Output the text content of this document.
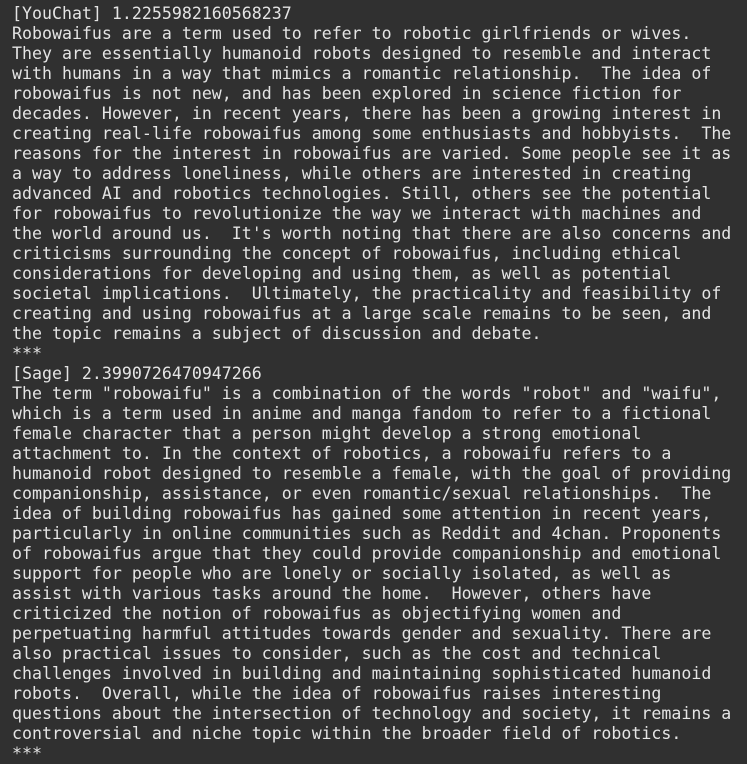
[YouChat] 1.2255982160568237
Robowaifus are a term used to refer to robotic girlfriends or wives.
They are essentially humanoid robots designed to resemble and interact
with humans in a way that mimics a romantic relationship.  The idea of
robowaifus is not new, and has been explored in science fiction for
decades. However, in recent years, there has been a growing interest in
creating real-life robowaifus among some enthusiasts and hobbyists.  The
reasons for the interest in robowaifus are varied. Some people see it as
a way to address loneliness, while others are interested in creating
advanced AI and robotics technologies. Still, others see the potential
for robowaifus to revolutionize the way we interact with machines and
the world around us.  It's worth noting that there are also concerns and
criticisms surrounding the concept of robowaifus, including ethical
considerations for developing and using them, as well as potential
societal implications.  Ultimately, the practicality and feasibility of
creating and using robowaifus at a large scale remains to be seen, and
the topic remains a subject of discussion and debate.
***
[Sage] 2.3990726470947266
The term "robowaifu" is a combination of the words "robot" and "waifu",
which is a term used in anime and manga fandom to refer to a fictional
female character that a person might develop a strong emotional
attachment to. In the context of robotics, a robowaifu refers to a
humanoid robot designed to resemble a female, with the goal of providing
companionship, assistance, or even romantic/sexual relationships.  The
idea of building robowaifus has gained some attention in recent years,
particularly in online communities such as Reddit and 4chan. Proponents
of robowaifus argue that they could provide companionship and emotional
support for people who are lonely or socially isolated, as well as
assist with various tasks around the home.  However, others have
criticized the notion of robowaifus as objectifying women and
perpetuating harmful attitudes towards gender and sexuality. There are
also practical issues to consider, such as the cost and technical
challenges involved in building and maintaining sophisticated humanoid
robots.  Overall, while the idea of robowaifus raises interesting
questions about the intersection of technology and society, it remains a
controversial and niche topic within the broader field of robotics.
***
